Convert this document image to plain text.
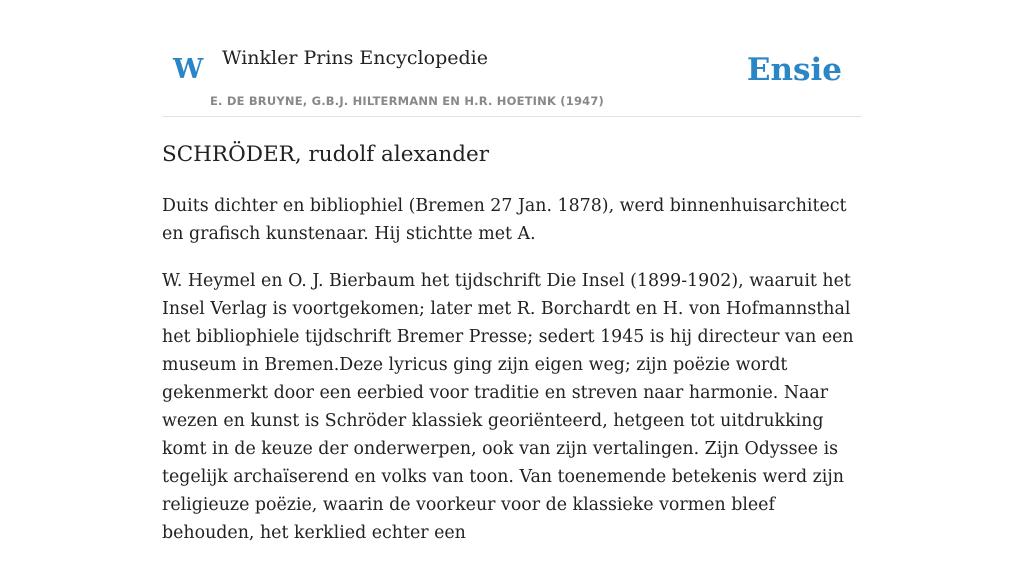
W Winkler Prins Encyclopedie
E. DE BRUYNE, G.B.J. HILTERMANN EN H.R. HOETINK (1947)
Ensie
SCHRÖDER, rudolf alexander

Duits dichter en bibliophiel (Bremen 27 Jan. 1878), werd binnenhuisarchitect en grafisch kunstenaar. Hij stichtte met A.

W. Heymel en O. J. Bierbaum het tijdschrift Die Insel (1899-1902), waaruit het Insel Verlag is voortgekomen; later met R. Borchardt en H. von Hofmannsthal het bibliophiele tijdschrift Bremer Presse; sedert 1945 is hij directeur van een museum in Bremen.Deze lyricus ging zijn eigen weg; zijn poëzie wordt gekenmerkt door een eerbied voor traditie en streven naar harmonie. Naar wezen en kunst is Schröder klassiek georiënteerd, hetgeen tot uitdrukking komt in de keuze der onderwerpen, ook van zijn vertalingen. Zijn Odyssee is tegelijk archaïserend en volks van toon. Van toenemende betekenis werd zijn religieuze poëzie, waarin de voorkeur voor de klassieke vormen bleef behouden, het kerklied echter een
